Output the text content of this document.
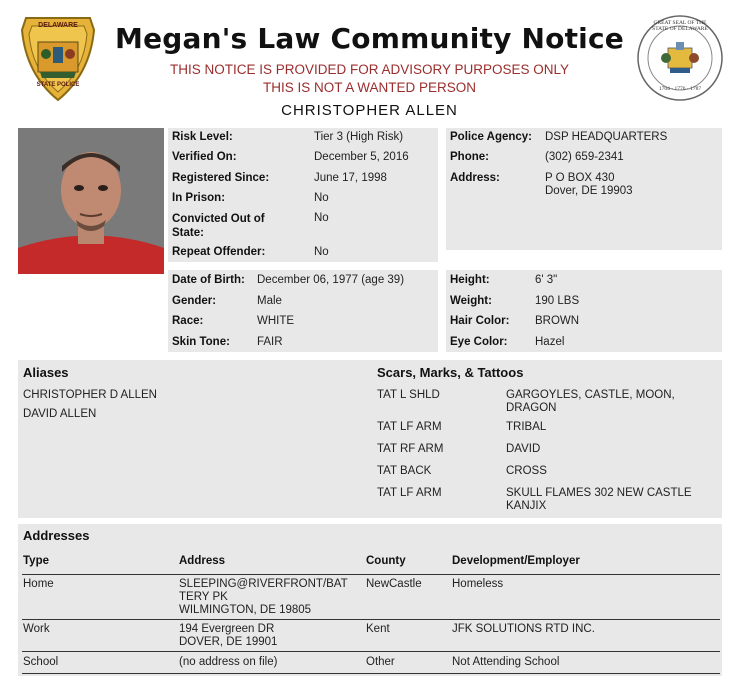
DELAWARE
STATE POLICE
GREAT SEAL OF THE STATE OF DELAWARE
1704 · 1776 · 1787
Megan's Law Community Notice
THIS NOTICE IS PROVIDED FOR ADVISORY PURPOSES ONLY
THIS IS NOT A WANTED PERSON
CHRISTOPHER ALLEN
Risk Level:	Tier 3 (High Risk)
Verified On:	December 5, 2016
Registered Since:	June 17, 1998
In Prison:	No
Convicted Out of State:
No
Repeat Offender:	No
Police Agency: DSP HEADQUARTERS
Phone:	(302) 659-2341
Address:	P O BOX 430
Dover, DE 19903
Date of Birth: December 06, 1977 (age 39)
Gender:	Male
Race:	WHITE
Skin Tone: FAIR
Height:	6' 3"
Weight:	190 LBS
Hair Color: BROWN
Eye Color: Hazel
Aliases
CHRISTOPHER D ALLEN
DAVID ALLEN
Scars, Marks, & Tattoos
TAT L SHLD	GARGOYLES, CASTLE, MOON, DRAGON
TAT LF ARM	TRIBAL
TAT RF ARM	DAVID
TAT BACK	CROSS
TAT LF ARM	SKULL FLAMES 302 NEW CASTLE KANJIX
Addresses
Type	Address	County	Development/Employer
Home	SLEEPING@RIVERFRONT/BAT
TERY PK
WILMINGTON, DE 19805
NewCastle	Homeless
Work	194 Evergreen DR
DOVER, DE 19901
Kent	JFK SOLUTIONS RTD INC.
School	(no address on file)	Other	Not Attending School
